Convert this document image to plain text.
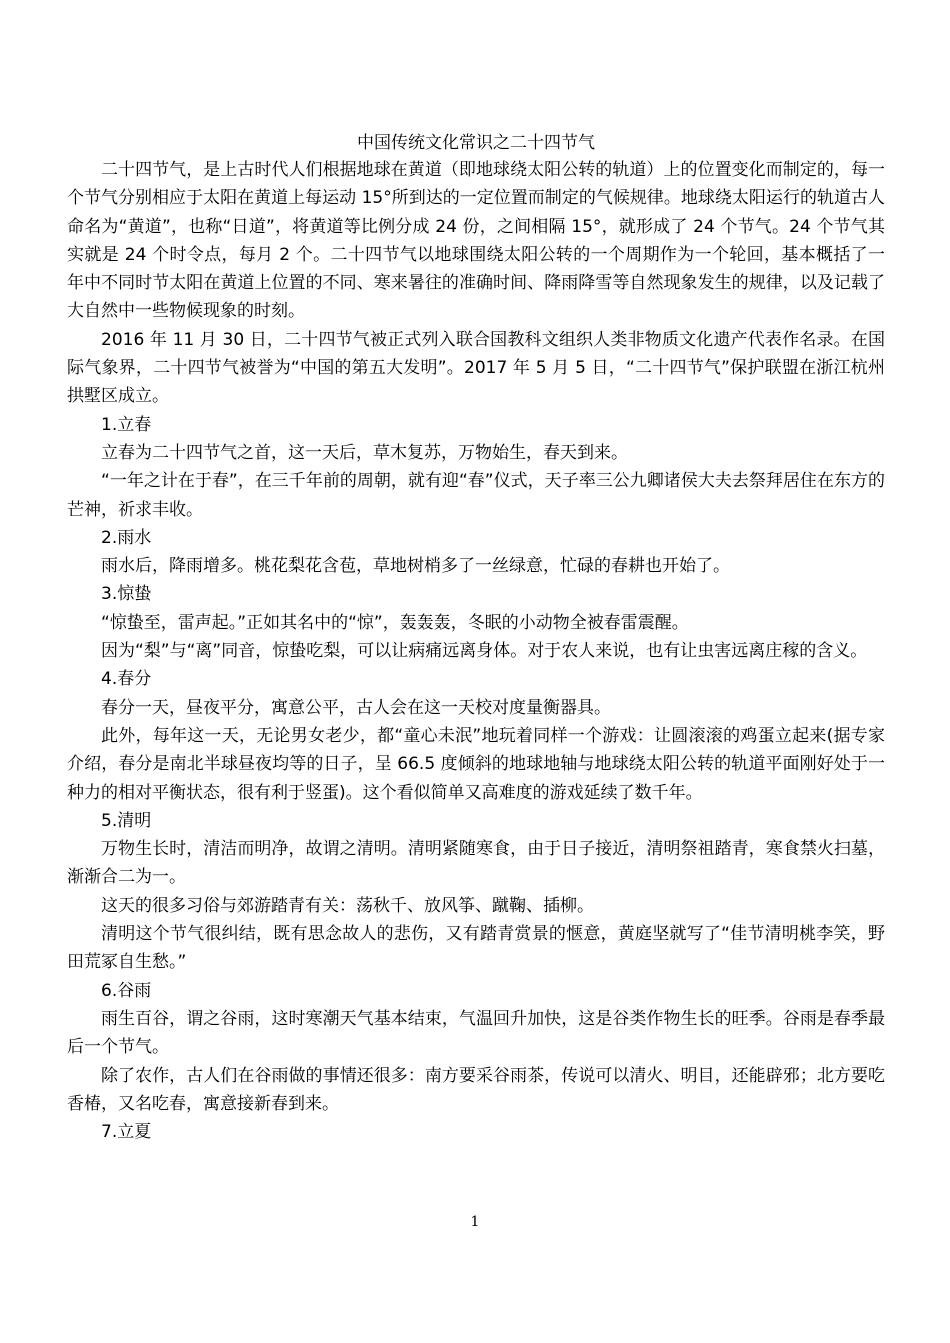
中国传统文化常识之二十四节气

二十四节气，是上古时代人们根据地球在黄道（即地球绕太阳公转的轨道）上的位置变化而制定的，每一个节气分别相应于太阳在黄道上每运动 15°所到达的一定位置而制定的气候规律。地球绕太阳运行的轨道古人命名为“黄道”，也称“日道”，将黄道等比例分成 24 份，之间相隔 15°，就形成了 24 个节气。24 个节气其实就是 24 个时令点，每月 2 个。二十四节气以地球围绕太阳公转的一个周期作为一个轮回，基本概括了一年中不同时节太阳在黄道上位置的不同、寒来暑往的准确时间、降雨降雪等自然现象发生的规律，以及记载了大自然中一些物候现象的时刻。

2016 年 11 月 30 日，二十四节气被正式列入联合国教科文组织人类非物质文化遗产代表作名录。在国际气象界，二十四节气被誉为“中国的第五大发明”。2017 年 5 月 5 日，“二十四节气”保护联盟在浙江杭州拱墅区成立。

1.立春

立春为二十四节气之首，这一天后，草木复苏，万物始生，春天到来。

“一年之计在于春”，在三千年前的周朝，就有迎“春”仪式，天子率三公九卿诸侯大夫去祭拜居住在东方的芒神，祈求丰收。

2.雨水

雨水后，降雨增多。桃花梨花含苞，草地树梢多了一丝绿意，忙碌的春耕也开始了。

3.惊蛰

“惊蛰至，雷声起。”正如其名中的“惊”，轰轰轰，冬眠的小动物全被春雷震醒。

因为“梨”与“离”同音，惊蛰吃梨，可以让病痛远离身体。对于农人来说，也有让虫害远离庄稼的含义。

4.春分

春分一天，昼夜平分，寓意公平，古人会在这一天校对度量衡器具。

此外，每年这一天，无论男女老少，都“童心未泯”地玩着同样一个游戏：让圆滚滚的鸡蛋立起来(据专家介绍，春分是南北半球昼夜均等的日子，呈 66.5 度倾斜的地球地轴与地球绕太阳公转的轨道平面刚好处于一种力的相对平衡状态，很有利于竖蛋)。这个看似简单又高难度的游戏延续了数千年。

5.清明

万物生长时，清洁而明净，故谓之清明。清明紧随寒食，由于日子接近，清明祭祖踏青，寒食禁火扫墓，渐渐合二为一。

这天的很多习俗与郊游踏青有关：荡秋千、放风筝、蹴鞠、插柳。

清明这个节气很纠结，既有思念故人的悲伤，又有踏青赏景的惬意，黄庭坚就写了“佳节清明桃李笑，野田荒冢自生愁。”

6.谷雨

雨生百谷，谓之谷雨，这时寒潮天气基本结束，气温回升加快，这是谷类作物生长的旺季。谷雨是春季最后一个节气。

除了农作，古人们在谷雨做的事情还很多：南方要采谷雨茶，传说可以清火、明目，还能辟邪；北方要吃香椿，又名吃春，寓意接新春到来。

7.立夏

1
